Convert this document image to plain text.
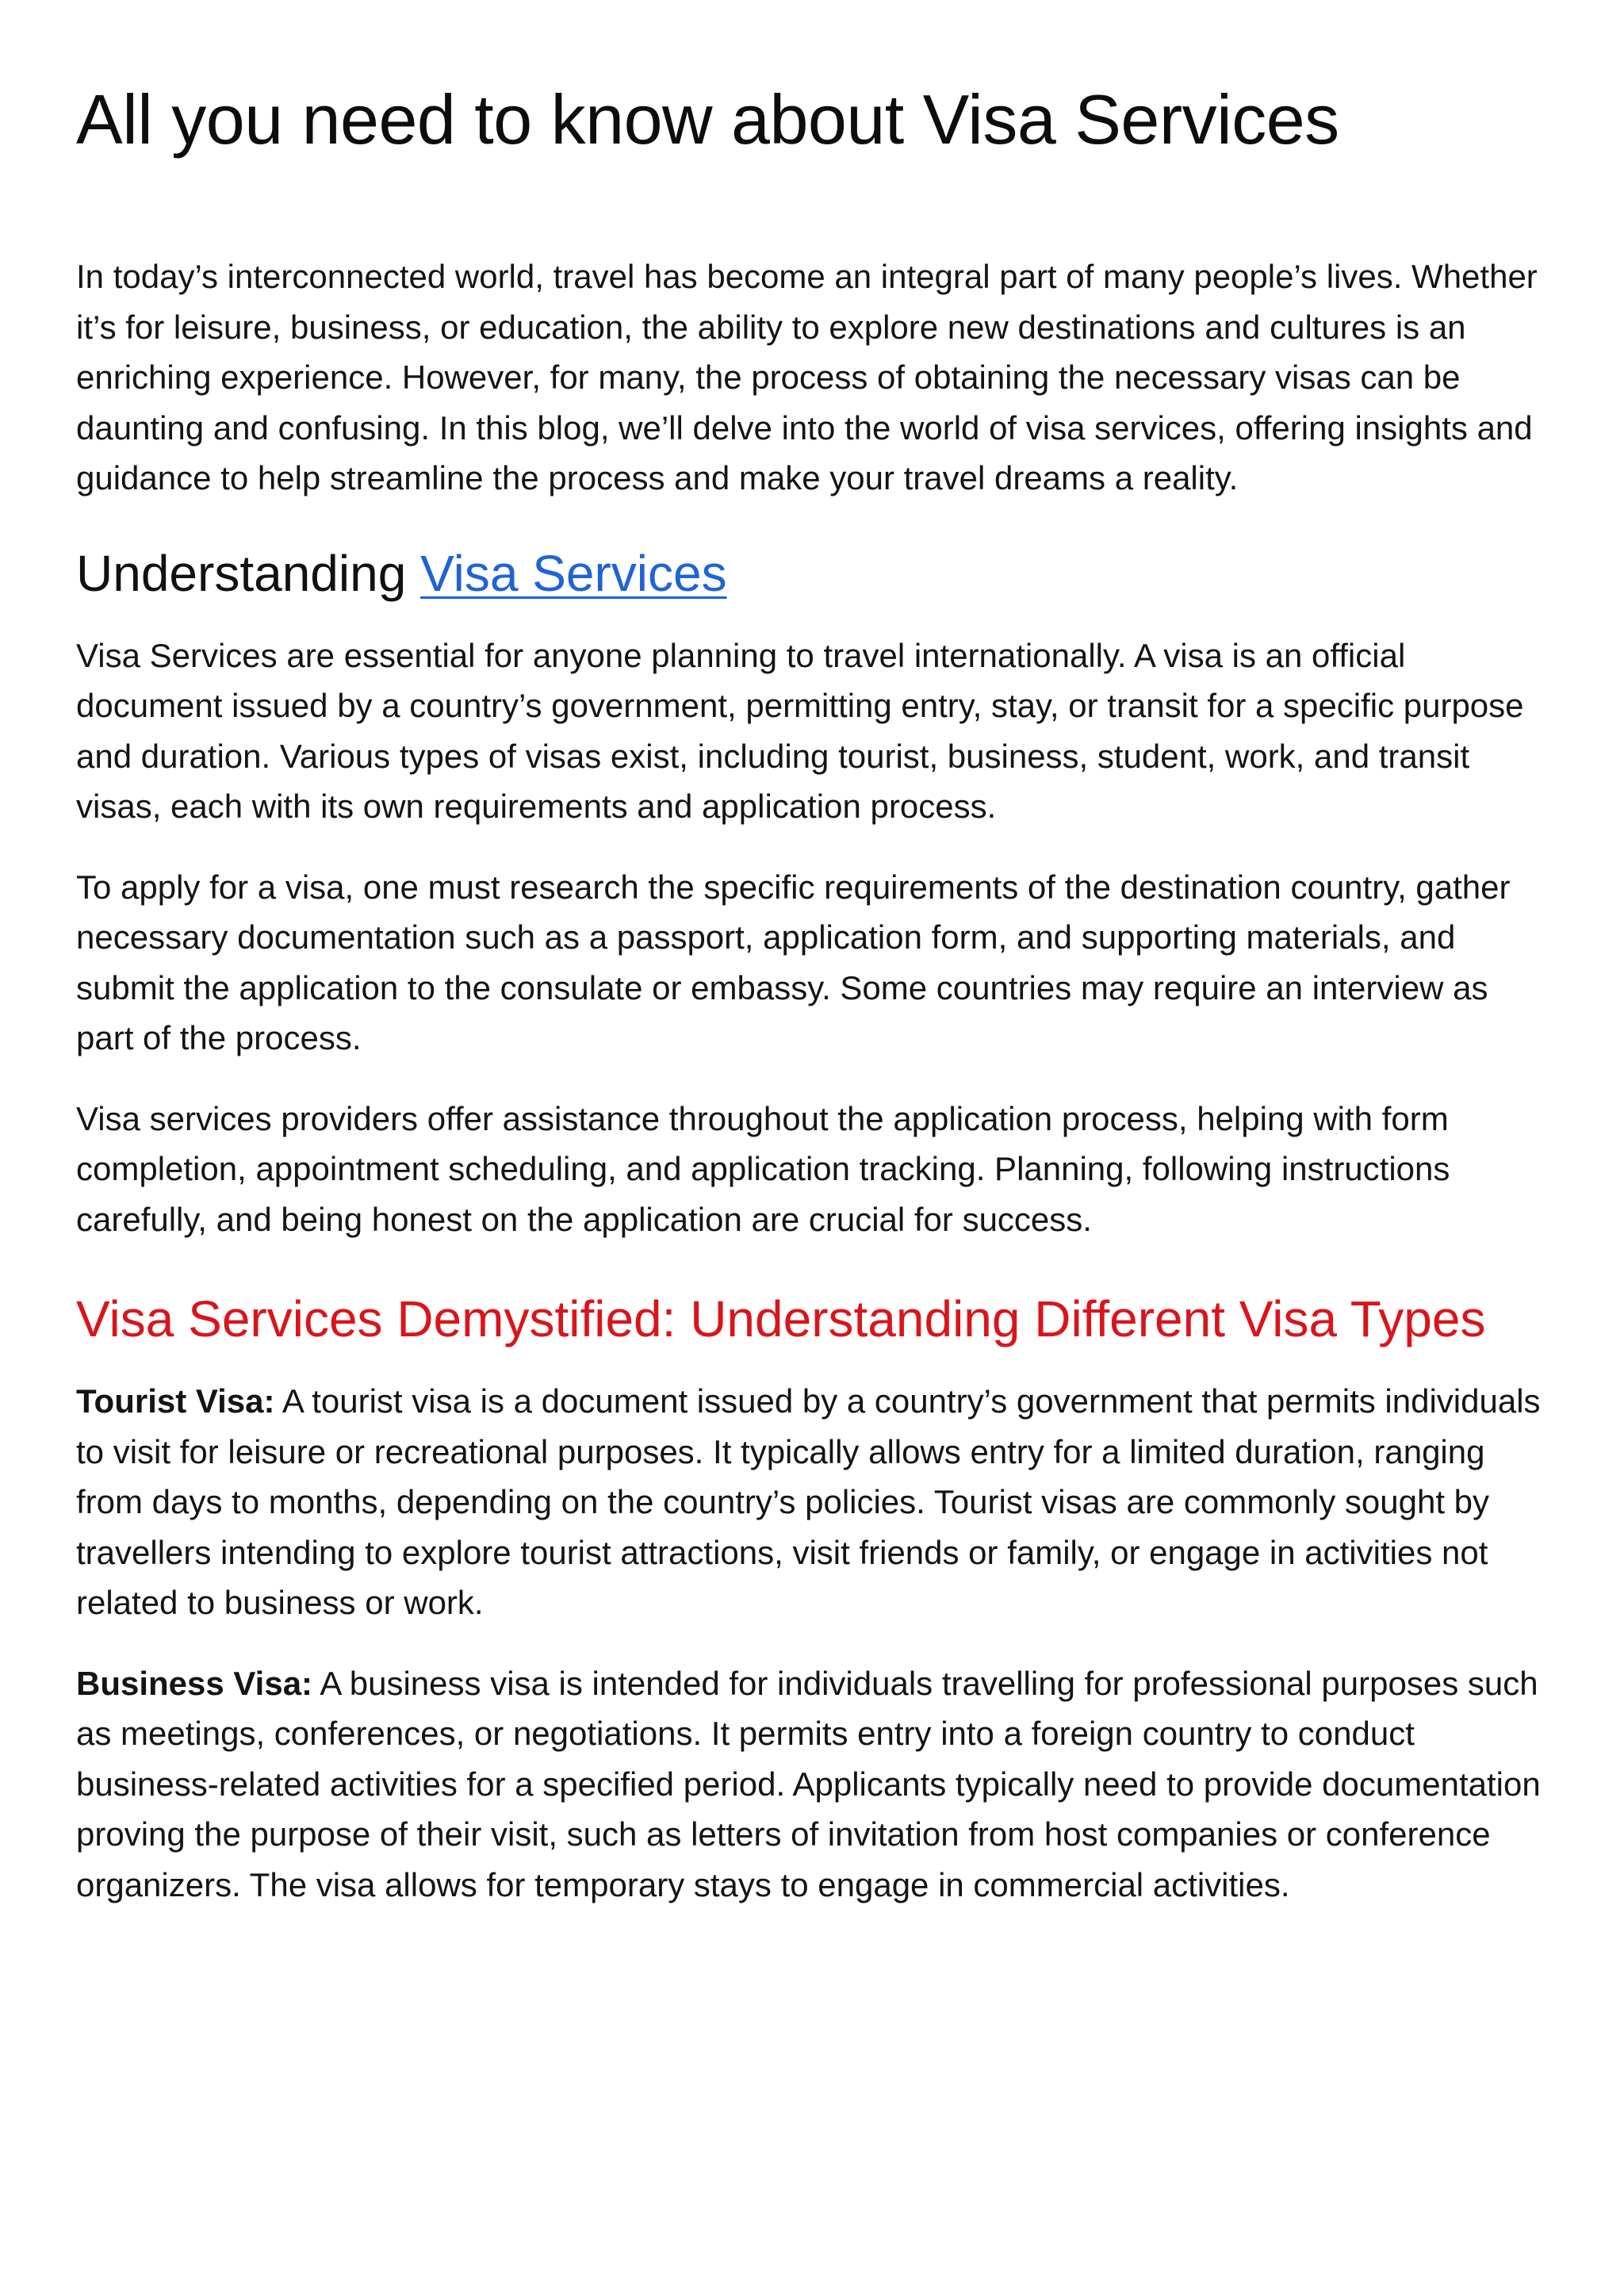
All you need to know about Visa Services

In today’s interconnected world, travel has become an integral part of many people’s lives. Whether it’s for leisure, business, or education, the ability to explore new destinations and cultures is an enriching experience. However, for many, the process of obtaining the necessary visas can be daunting and confusing. In this blog, we’ll delve into the world of visa services, offering insights and guidance to help streamline the process and make your travel dreams a reality.

Understanding Visa Services

Visa Services are essential for anyone planning to travel internationally. A visa is an official document issued by a country’s government, permitting entry, stay, or transit for a specific purpose and duration. Various types of visas exist, including tourist, business, student, work, and transit visas, each with its own requirements and application process.

To apply for a visa, one must research the specific requirements of the destination country, gather necessary documentation such as a passport, application form, and supporting materials, and submit the application to the consulate or embassy. Some countries may require an interview as part of the process.

Visa services providers offer assistance throughout the application process, helping with form completion, appointment scheduling, and application tracking. Planning, following instructions carefully, and being honest on the application are crucial for success.

Visa Services Demystified: Understanding Different Visa Types

Tourist Visa: A tourist visa is a document issued by a country’s government that permits individuals to visit for leisure or recreational purposes. It typically allows entry for a limited duration, ranging from days to months, depending on the country’s policies. Tourist visas are commonly sought by travellers intending to explore tourist attractions, visit friends or family, or engage in activities not related to business or work.

Business Visa: A business visa is intended for individuals travelling for professional purposes such as meetings, conferences, or negotiations. It permits entry into a foreign country to conduct business-related activities for a specified period. Applicants typically need to provide documentation proving the purpose of their visit, such as letters of invitation from host companies or conference organizers. The visa allows for temporary stays to engage in commercial activities.
